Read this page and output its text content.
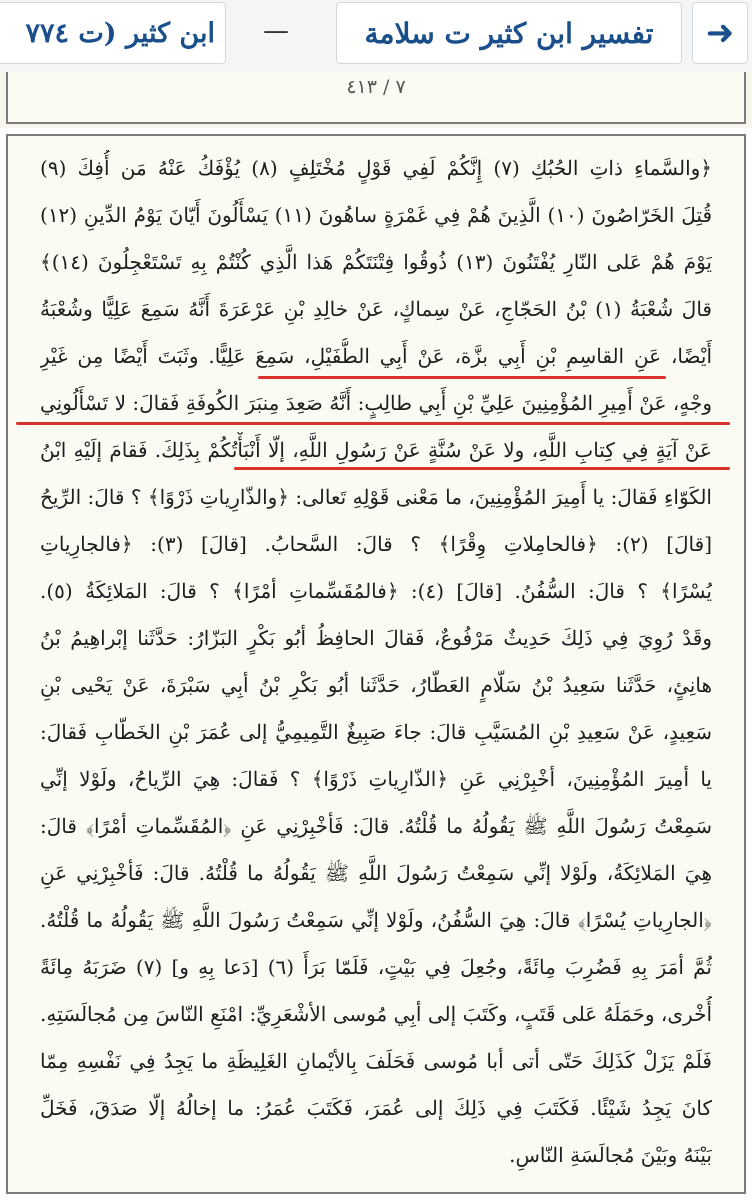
➜
تفسير ابن كثير ت سلامة
—
ابن كثير (ت ٧٧٤
٧ / ٤١٣
﴿والسَّماءِ ذاتِ الحُبُكِ (٧) إِنَّكُمْ لَفِي قَوْلٍ مُخْتَلِفٍ (٨) يُؤْفَكُ عَنْهُ مَن أُفِكَ (٩)
قُتِلَ الخَرّاصُونَ (١٠) الَّذِينَ هُمْ فِي غَمْرَةٍ ساهُونَ (١١) يَسْأَلُونَ أَيّانَ يَوْمُ الدِّينِ (١٢)
يَوْمَ هُمْ عَلى النّارِ يُفْتَنُونَ (١٣) ذُوقُوا فِتْنَتَكُمْ هَذا الَّذِي كُنْتُمْ بِهِ تَسْتَعْجِلُونَ (١٤)﴾
قالَ شُعْبَةُ (١) بْنُ الحَجّاجِ، عَنْ سِماكٍ، عَنْ خالِدِ بْنِ عَرْعَرَةَ أَنَّهُ سَمِعَ عَلِيًّا وشُعْبَةُ
أَيْضًا، عَنِ القاسِمِ بْنِ أَبِي بزَّة، عَنْ أَبِي الطُّفَيْلِ، سَمِعَ عَلِيًّا. وثَبَتَ أَيْضًا مِن غَيْرِ
وجْهٍ، عَنْ أَمِيرِ المُؤْمِنِينَ عَلِيِّ بْنِ أَبِي طالِبٍ: أَنَّهُ صَعِدَ مِنبَرَ الكُوفَةِ فَقالَ: لا تَسْأَلُونِي
عَنْ آيَةٍ فِي كِتابِ اللَّهِ، ولا عَنْ سُنَّةٍ عَنْ رَسُولِ اللَّهِ، إلّا أَنْبَأْتُكُمْ بِذَلِكَ. فَقامَ إلَيْهِ ابْنُ
الكَوّاءِ فَقالَ: يا أَمِيرَ المُؤْمِنِينَ، ما مَعْنى قَوْلِهِ تَعالى: ﴿والذّارِياتِ ذَرْوًا﴾ ؟ قالَ: الرِّيحُ
[قالَ] (٢): ﴿فالحامِلاتِ وِقْرًا﴾ ؟ قالَ: السَّحابُ. [قالَ] (٣): ﴿فالجارِياتِ
يُسْرًا﴾ ؟ قالَ: السُّفُنُ. [قالَ] (٤): ﴿فالمُقَسِّماتِ أمْرًا﴾ ؟ قالَ: المَلائِكَةُ (٥).
وقَدْ رُوِيَ فِي ذَلِكَ حَدِيثٌ مَرْفُوعٌ، فَقالَ الحافِظُ أبُو بَكْرٍ البَزّارُ: حَدَّثَنا إبْراهِيمُ بْنُ
هانِئٍ، حَدَّثَنا سَعِيدُ بْنُ سَلّامٍ العَطّارُ، حَدَّثَنا أبُو بَكْرِ بْنُ أبِي سَبْرَةَ، عَنْ يَحْيى بْنِ
سَعِيدٍ، عَنْ سَعِيدِ بْنِ المُسَيَّبِ قالَ: جاءَ صَبِيغٌ التَّمِيمِيُّ إلى عُمَرَ بْنِ الخَطّابِ فَقالَ:
يا أمِيرَ المُؤْمِنِينَ، أخْبِرْنِي عَنِ ﴿الذّارِياتِ ذَرْوًا﴾ ؟ فَقالَ: هِيَ الرِّياحُ، ولَوْلا إنِّي
سَمِعْتُ رَسُولَ اللَّهِ ﷺ يَقُولُهُ ما قُلْتُهُ. قالَ: فَأخْبِرْنِي عَنِ ﴿المُقَسِّماتِ أمْرًا﴾ قالَ:
هِيَ المَلائِكَةُ، ولَوْلا إنِّي سَمِعْتُ رَسُولَ اللَّهِ ﷺ يَقُولُهُ ما قُلْتُهُ. قالَ: فَأخْبِرْنِي عَنِ
﴿الجارِياتِ يُسْرًا﴾ قالَ: هِيَ السُّفُنُ، ولَوْلا إنِّي سَمِعْتُ رَسُولَ اللَّهِ ﷺ يَقُولُهُ ما قُلْتُهُ.
ثُمَّ أمَرَ بِهِ فَضُرِبَ مِائَةً، وجُعِلَ فِي بَيْتٍ، فَلَمّا بَرَأَ (٦) [دَعا بِهِ و] (٧) ضَرَبَهُ مِائَةً
أُخْرى، وحَمَلَهُ عَلى قَتَبٍ، وكَتَبَ إلى أبِي مُوسى الأشْعَرِيِّ: امْنَعِ النّاسَ مِن مُجالَسَتِهِ.
فَلَمْ يَزَلْ كَذَلِكَ حَتّى أتى أبا مُوسى فَحَلَفَ بِالأيْمانِ الغَلِيظَةِ ما يَجِدُ فِي نَفْسِهِ مِمّا
كانَ يَجِدُ شَيْئًا. فَكَتَبَ فِي ذَلِكَ إلى عُمَرَ، فَكَتَبَ عُمَرُ: ما إخالُهُ إلّا صَدَقَ، فَخَلِّ
بَيْنَهُ وبَيْنَ مُجالَسَةِ النّاسِ.
